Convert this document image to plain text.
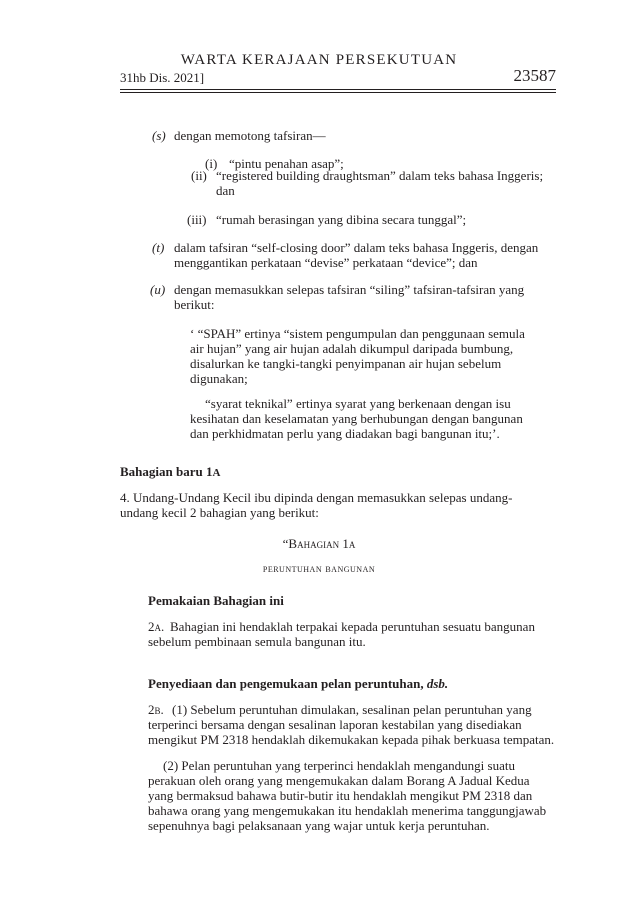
WARTA KERAJAAN PERSEKUTUAN
31hb Dis. 2021]	23587
(s) dengan memotong tafsiran—
(i) “pintu penahan asap”;
(ii) “registered building draughtsman” dalam teks bahasa Inggeris;
dan
(iii) “rumah berasingan yang dibina secara tunggal”;
(t) dalam tafsiran “self-closing door” dalam teks bahasa Inggeris, dengan
menggantikan perkataan “devise” perkataan “device”; dan
(u) dengan memasukkan selepas tafsiran “siling” tafsiran-tafsiran yang
berikut:
‘ “SPAH” ertinya “sistem pengumpulan dan penggunaan semula
air hujan” yang air hujan adalah dikumpul daripada bumbung,
disalurkan ke tangki-tangki penyimpanan air hujan sebelum
digunakan;
“syarat teknikal” ertinya syarat yang berkenaan dengan isu
kesihatan dan keselamatan yang berhubungan dengan bangunan
dan perkhidmatan perlu yang diadakan bagi bangunan itu;’.
Bahagian baru 1A
4. Undang-Undang Kecil ibu dipinda dengan memasukkan selepas undang-
undang kecil 2 bahagian yang berikut:
“Bahagian 1a
peruntuhan bangunan
Pemakaian Bahagian ini
2a. Bahagian ini hendaklah terpakai kepada peruntuhan sesuatu bangunan
sebelum pembinaan semula bangunan itu.
Penyediaan dan pengemukaan pelan peruntuhan, dsb.
2b. (1) Sebelum peruntuhan dimulakan, sesalinan pelan peruntuhan yang
terperinci bersama dengan sesalinan laporan kestabilan yang disediakan
mengikut PM 2318 hendaklah dikemukakan kepada pihak berkuasa tempatan.
(2) Pelan peruntuhan yang terperinci hendaklah mengandungi suatu
perakuan oleh orang yang mengemukakan dalam Borang A Jadual Kedua
yang bermaksud bahawa butir-butir itu hendaklah mengikut PM 2318 dan
bahawa orang yang mengemukakan itu hendaklah menerima tanggungjawab
sepenuhnya bagi pelaksanaan yang wajar untuk kerja peruntuhan.
